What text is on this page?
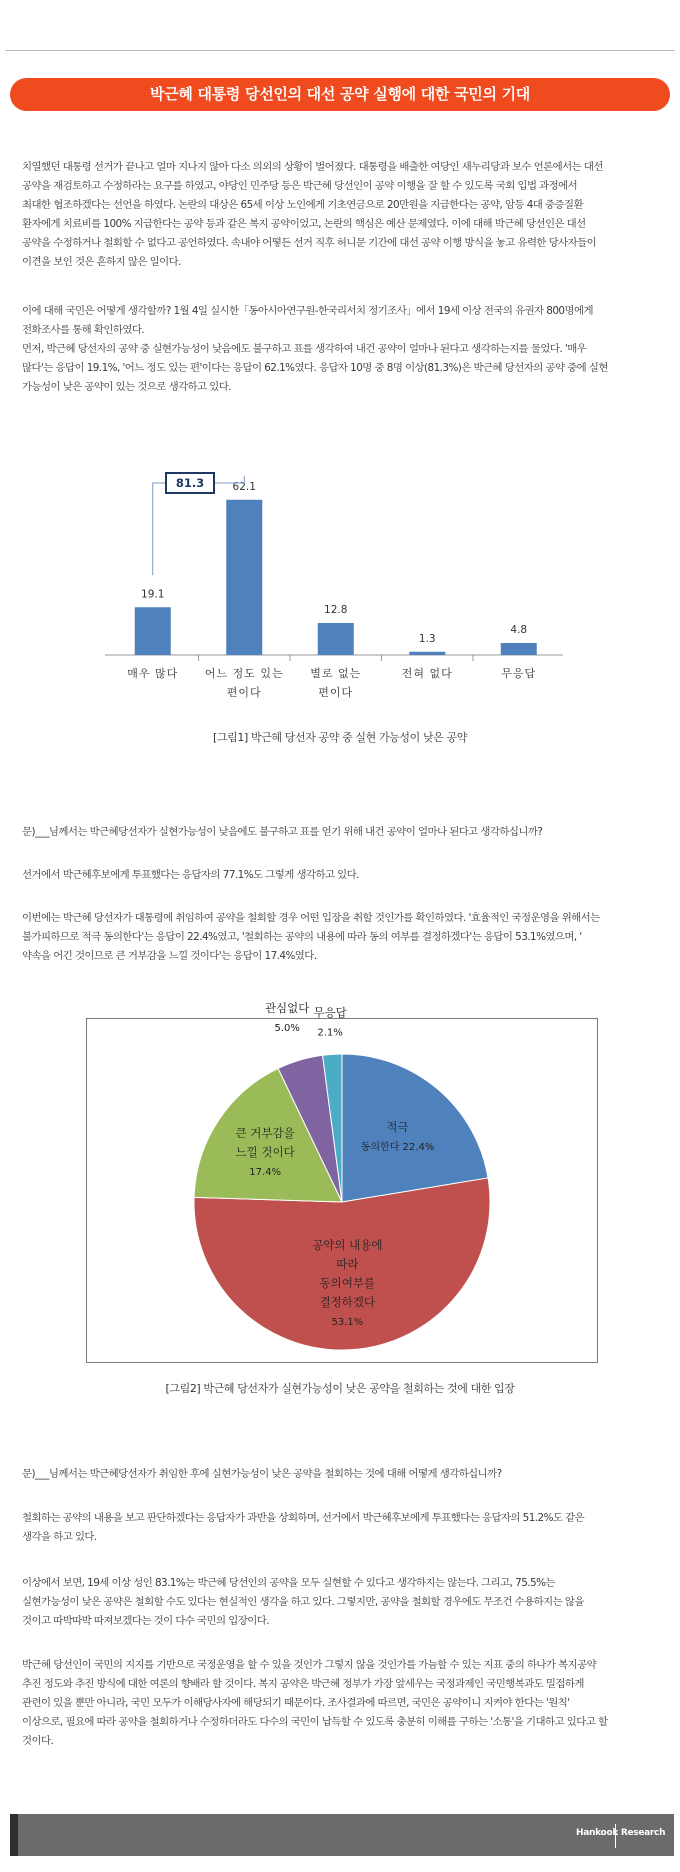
박근혜 대통령 당선인의 대선 공약 실행에 대한 국민의 기대
치열했던 대통령 선거가 끝나고 얼마 지나지 않아 다소 의외의 상황이 벌어졌다. 대통령을 배출한 여당인 새누리당과 보수 언론에서는 대선
공약을 재검토하고 수정하라는 요구를 하였고, 야당인 민주당 등은 박근혜 당선인이 공약 이행을 잘 할 수 있도록 국회 입법 과정에서
최대한 협조하겠다는 선언을 하였다. 논란의 대상은 65세 이상 노인에게 기초연금으로 20만원을 지급한다는 공약, 암등 4대 중증질환
환자에게 치료비를 100% 지급한다는 공약 등과 같은 복지 공약이었고, 논란의 핵심은 예산 문제였다. 이에 대해 박근혜 당선인은 대선
공약을 수정하거나 철회할 수 없다고 공언하였다. 속내야 어떻든 선거 직후 허니문 기간에 대선 공약 이행 방식을 놓고 유력한 당사자들이
이견을 보인 것은 흔하지 않은 일이다.
이에 대해 국민은 어떻게 생각할까? 1월 4일 실시한「동아시아연구원-한국리서치 정기조사」에서 19세 이상 전국의 유권자 800명에게
전화조사를 통해 확인하였다.
먼저, 박근혜 당선자의 공약 중 실현가능성이 낮음에도 불구하고 표를 생각하여 내건 공약이 얼마나 된다고 생각하는지를 물었다. '매우
많다'는 응답이 19.1%, '어느 정도 있는 편'이다는 응답이 62.1%였다. 응답자 10명 중 8명 이상(81.3%)은 박근혜 당선자의 공약 중에 실현
가능성이 낮은 공약이 있는 것으로 생각하고 있다.
19.1
매우 많다
62.1
어느 정도 있는
편이다
12.8
별로 없는
편이다
1.3
전혀 없다
4.8
무응답
81.3
[그림1] 박근혜 당선자 공약 중 실현 가능성이 낮은 공약
문)___님께서는 박근혜당선자가 실현가능성이 낮음에도 불구하고 표를 얻기 위해 내건 공약이 얼마나 된다고 생각하십니까?
선거에서 박근혜후보에게 투표했다는 응답자의 77.1%도 그렇게 생각하고 있다.
이번에는 박근혜 당선자가 대통령에 취임하여 공약을 철회할 경우 어떤 입장을 취할 것인가를 확인하였다. '효율적인 국정운영을 위해서는
불가피하므로 적극 동의한다'는 응답이 22.4%였고, '철회하는 공약의 내용에 따라 동의 여부를 결정하겠다'는 응답이 53.1%였으며, '
약속을 어긴 것이므로 큰 거부감을 느낄 것이다'는 응답이 17.4%였다.
적극
동의한다 22.4%
공약의 내용에
따라
동의여부를
결정하겠다
53.1%
큰 거부감을
느낄 것이다
17.4%
관심없다
5.0%
무응답
2.1%
[그림2] 박근혜 당선자가 실현가능성이 낮은 공약을 철회하는 것에 대한 입장
문)___님께서는 박근혜당선자가 취임한 후에 실현가능성이 낮은 공약을 철회하는 것에 대해 어떻게 생각하십니까?
철회하는 공약의 내용을 보고 판단하겠다는 응답자가 과반을 상회하며, 선거에서 박근혜후보에게 투표했다는 응답자의 51.2%도 같은
생각을 하고 있다.
이상에서 보면, 19세 이상 성인 83.1%는 박근혜 당선인의 공약을 모두 실현할 수 있다고 생각하지는 않는다. 그리고, 75.5%는
실현가능성이 낮은 공약은 철회할 수도 있다는 현실적인 생각을 하고 있다. 그렇지만, 공약을 철회할 경우에도 무조건 수용하지는 않을
것이고 따박따박 따져보겠다는 것이 다수 국민의 입장이다.
박근혜 당선인이 국민의 지지를 기반으로 국정운영을 할 수 있을 것인가 그렇지 않을 것인가를 가늠할 수 있는 지표 중의 하나가 복지공약
추진 정도와 추진 방식에 대한 여론의 향배라 할 것이다. 복지 공약은 박근혜 정부가 가장 앞세우는 국정과제인 국민행복과도 밀접하게
관련이 있을 뿐만 아니라, 국민 모두가 이해당사자에 해당되기 때문이다. 조사결과에 따르면, 국민은 공약이니 지켜야 한다는 '원칙'
이상으로, 필요에 따라 공약을 철회하거나 수정하더라도 다수의 국민이 납득할 수 있도록 충분히 이해를 구하는 '소통'을 기대하고 있다고 할
것이다.
Hankook Research
